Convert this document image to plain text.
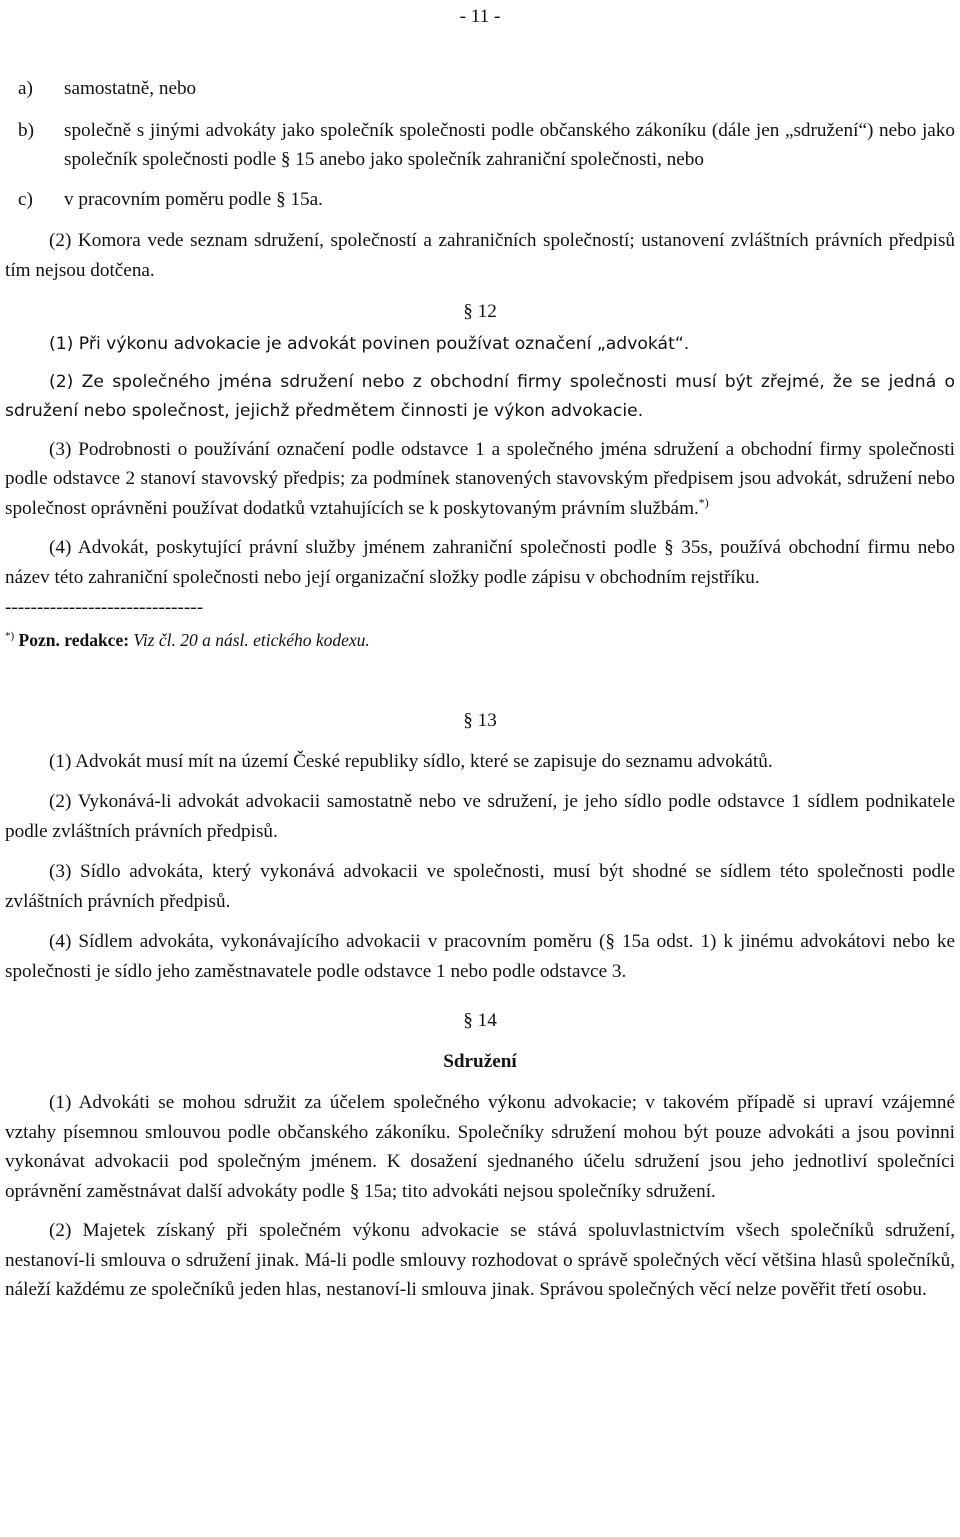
- 11 -
a) samostatně, nebo
b) společně s jinými advokáty jako společník společnosti podle občanského zákoníku (dále jen „sdružení“) nebo jako společník společnosti podle § 15 anebo jako společník zahraniční společnosti, nebo
c) v pracovním poměru podle § 15a.

(2) Komora vede seznam sdružení, společností a zahraničních společností; ustanovení zvláštních právních předpisů tím nejsou dotčena.

§ 12

(1) Při výkonu advokacie je advokát povinen používat označení „advokát“.

(2) Ze společného jména sdružení nebo z obchodní firmy společnosti musí být zřejmé, že se jedná o sdružení nebo společnost, jejichž předmětem činnosti je výkon advokacie.

(3) Podrobnosti o používání označení podle odstavce 1 a společného jména sdružení a obchodní firmy společnosti podle odstavce 2 stanoví stavovský předpis; za podmínek stanovených stavovským předpisem jsou advokát, sdružení nebo společnost oprávněni používat dodatků vztahujících se k poskytovaným právním službám.*)

(4) Advokát, poskytující právní služby jménem zahraniční společnosti podle § 35s, používá obchodní firmu nebo název této zahraniční společnosti nebo její organizační složky podle zápisu v obchodním rejstříku.

-------------------------------
*) Pozn. redakce: Viz čl. 20 a násl. etického kodexu.

§ 13

(1) Advokát musí mít na území České republiky sídlo, které se zapisuje do seznamu advokátů.

(2) Vykonává-li advokát advokacii samostatně nebo ve sdružení, je jeho sídlo podle odstavce 1 sídlem podnikatele podle zvláštních právních předpisů.

(3) Sídlo advokáta, který vykonává advokacii ve společnosti, musí být shodné se sídlem této společnosti podle zvláštních právních předpisů.

(4) Sídlem advokáta, vykonávajícího advokacii v pracovním poměru (§ 15a odst. 1) k jinému advokátovi nebo ke společnosti je sídlo jeho zaměstnavatele podle odstavce 1 nebo podle odstavce 3.

§ 14

Sdružení

(1) Advokáti se mohou sdružit za účelem společného výkonu advokacie; v takovém případě si upraví vzájemné vztahy písemnou smlouvou podle občanského zákoníku. Společníky sdružení mohou být pouze advokáti a jsou povinni vykonávat advokacii pod společným jménem. K dosažení sjednaného účelu sdružení jsou jeho jednotliví společníci oprávnění zaměstnávat další advokáty podle § 15a; tito advokáti nejsou společníky sdružení.

(2) Majetek získaný při společném výkonu advokacie se stává spoluvlastnictvím všech společníků sdružení, nestanoví-li smlouva o sdružení jinak. Má-li podle smlouvy rozhodovat o správě společných věcí většina hlasů společníků, náleží každému ze společníků jeden hlas, nestanoví-li smlouva jinak. Správou společných věcí nelze pověřit třetí osobu.
